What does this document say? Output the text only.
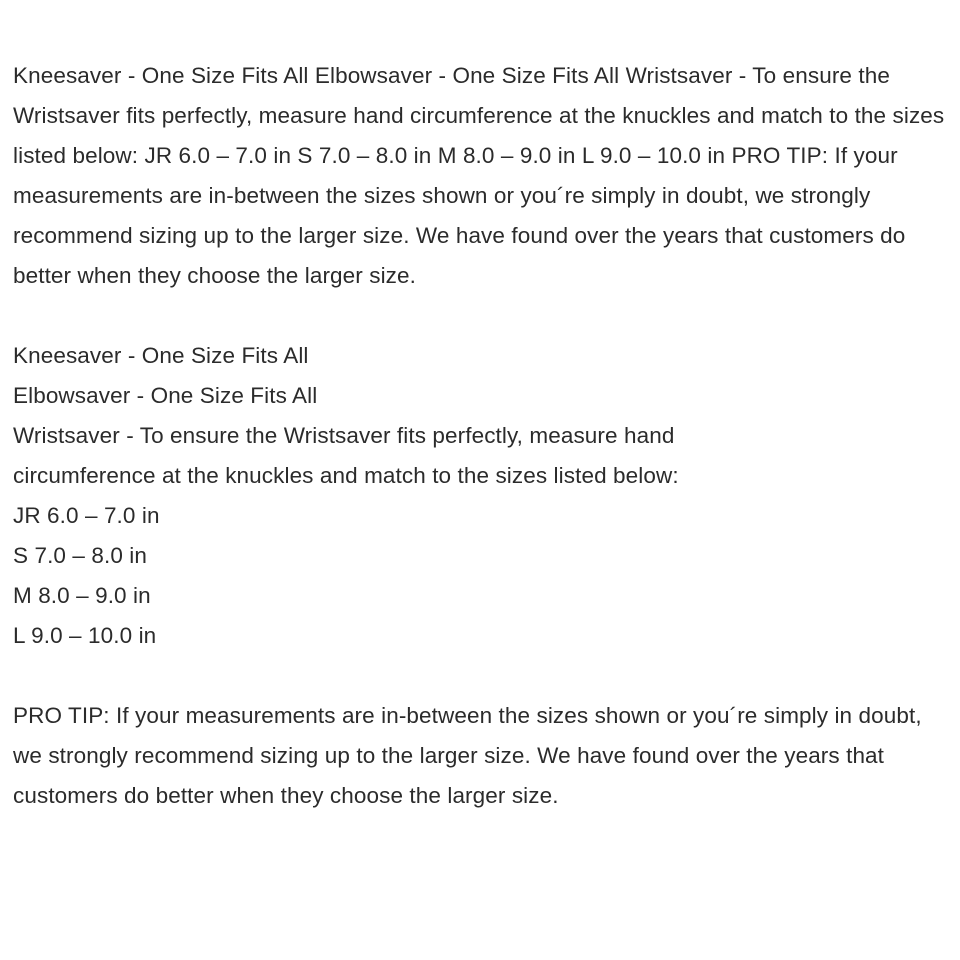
Kneesaver - One Size Fits All Elbowsaver - One Size Fits All Wristsaver - To ensure the Wristsaver fits perfectly, measure hand circumference at the knuckles and match to the sizes listed below: JR 6.0 – 7.0 in S 7.0 – 8.0 in M 8.0 – 9.0 in L 9.0 – 10.0 in PRO TIP: If your measurements are in-between the sizes shown or you´re simply in doubt, we strongly recommend sizing up to the larger size. We have found over the years that customers do better when they choose the larger size.

Kneesaver - One Size Fits All
Elbowsaver - One Size Fits All
Wristsaver - To ensure the Wristsaver fits perfectly, measure hand
circumference at the knuckles and match to the sizes listed below:
JR 6.0 – 7.0 in
S 7.0 – 8.0 in
M 8.0 – 9.0 in
L 9.0 – 10.0 in

PRO TIP: If your measurements are in-between the sizes shown or you´re simply in doubt, we strongly recommend sizing up to the larger size. We have found over the years that customers do better when they choose the larger size.
